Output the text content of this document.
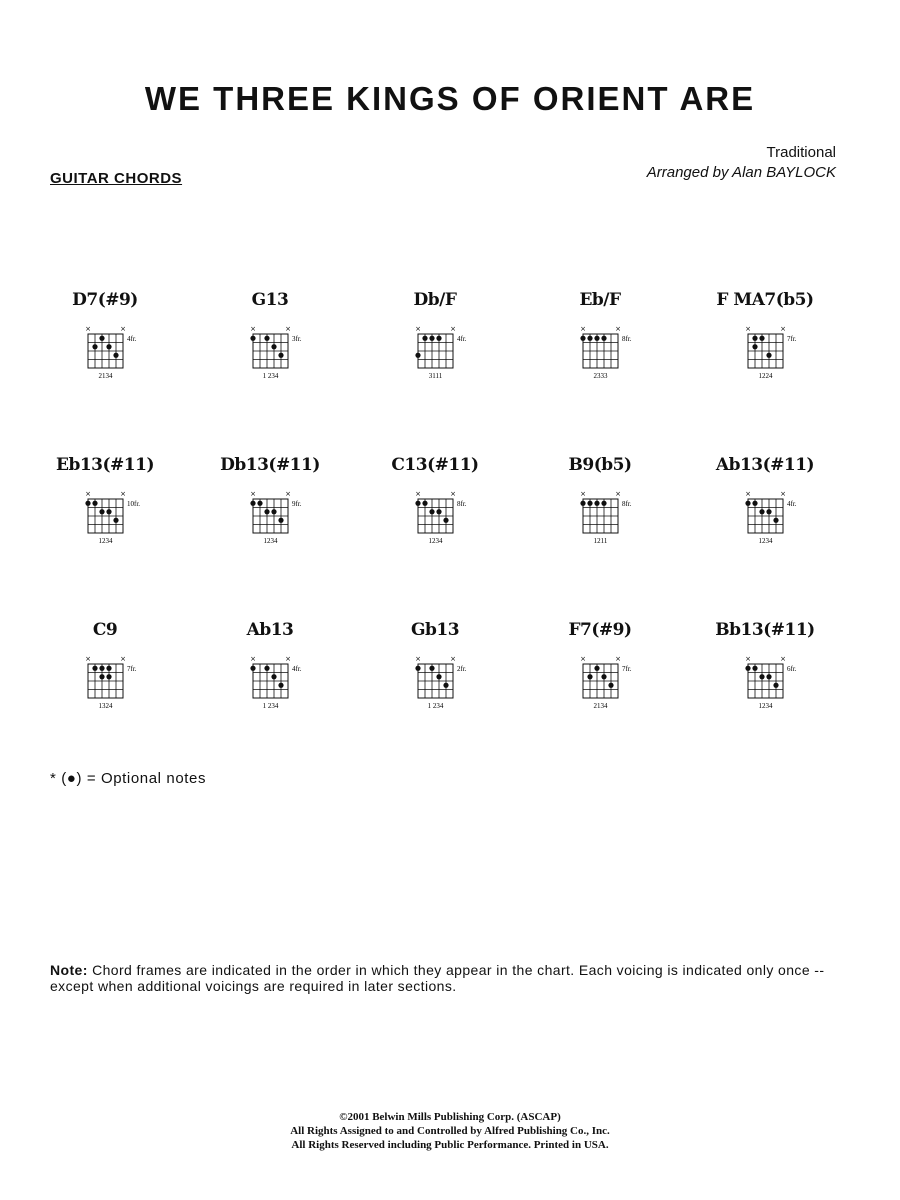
WE THREE KINGS OF ORIENT ARE
GUITAR CHORDS
Traditional
Arranged by Alan BAYLOCK
D7(#9)
×	×
4fr.
2134
G13
×	×
3fr.
1 234
Db/F
×	×
4fr.
3111
Eb/F
×	×
8fr.
2333
F MA7(b5)
×	×
7fr.
1224
Eb13(#11)
×	×
10fr.
1234
Db13(#11)
×	×
9fr.
1234
C13(#11)
×	×
8fr.
1234
B9(b5)
×	×
8fr.
1211
Ab13(#11)
×	×
4fr.
1234
C9
×	×
7fr.
1324
Ab13
×	×
4fr.
1 234
Gb13
×	×
2fr.
1 234
F7(#9)
×	×
7fr.
2134
Bb13(#11)
×	×
6fr.
1234
* (●) = Optional notes
Note: Chord frames are indicated in the order in which they appear in the chart. Each voicing is indicated only once -- except when additional voicings are required in later sections.
©2001 Belwin Mills Publishing Corp. (ASCAP)
All Rights Assigned to and Controlled by Alfred Publishing Co., Inc.
All Rights Reserved including Public Performance. Printed in USA.
